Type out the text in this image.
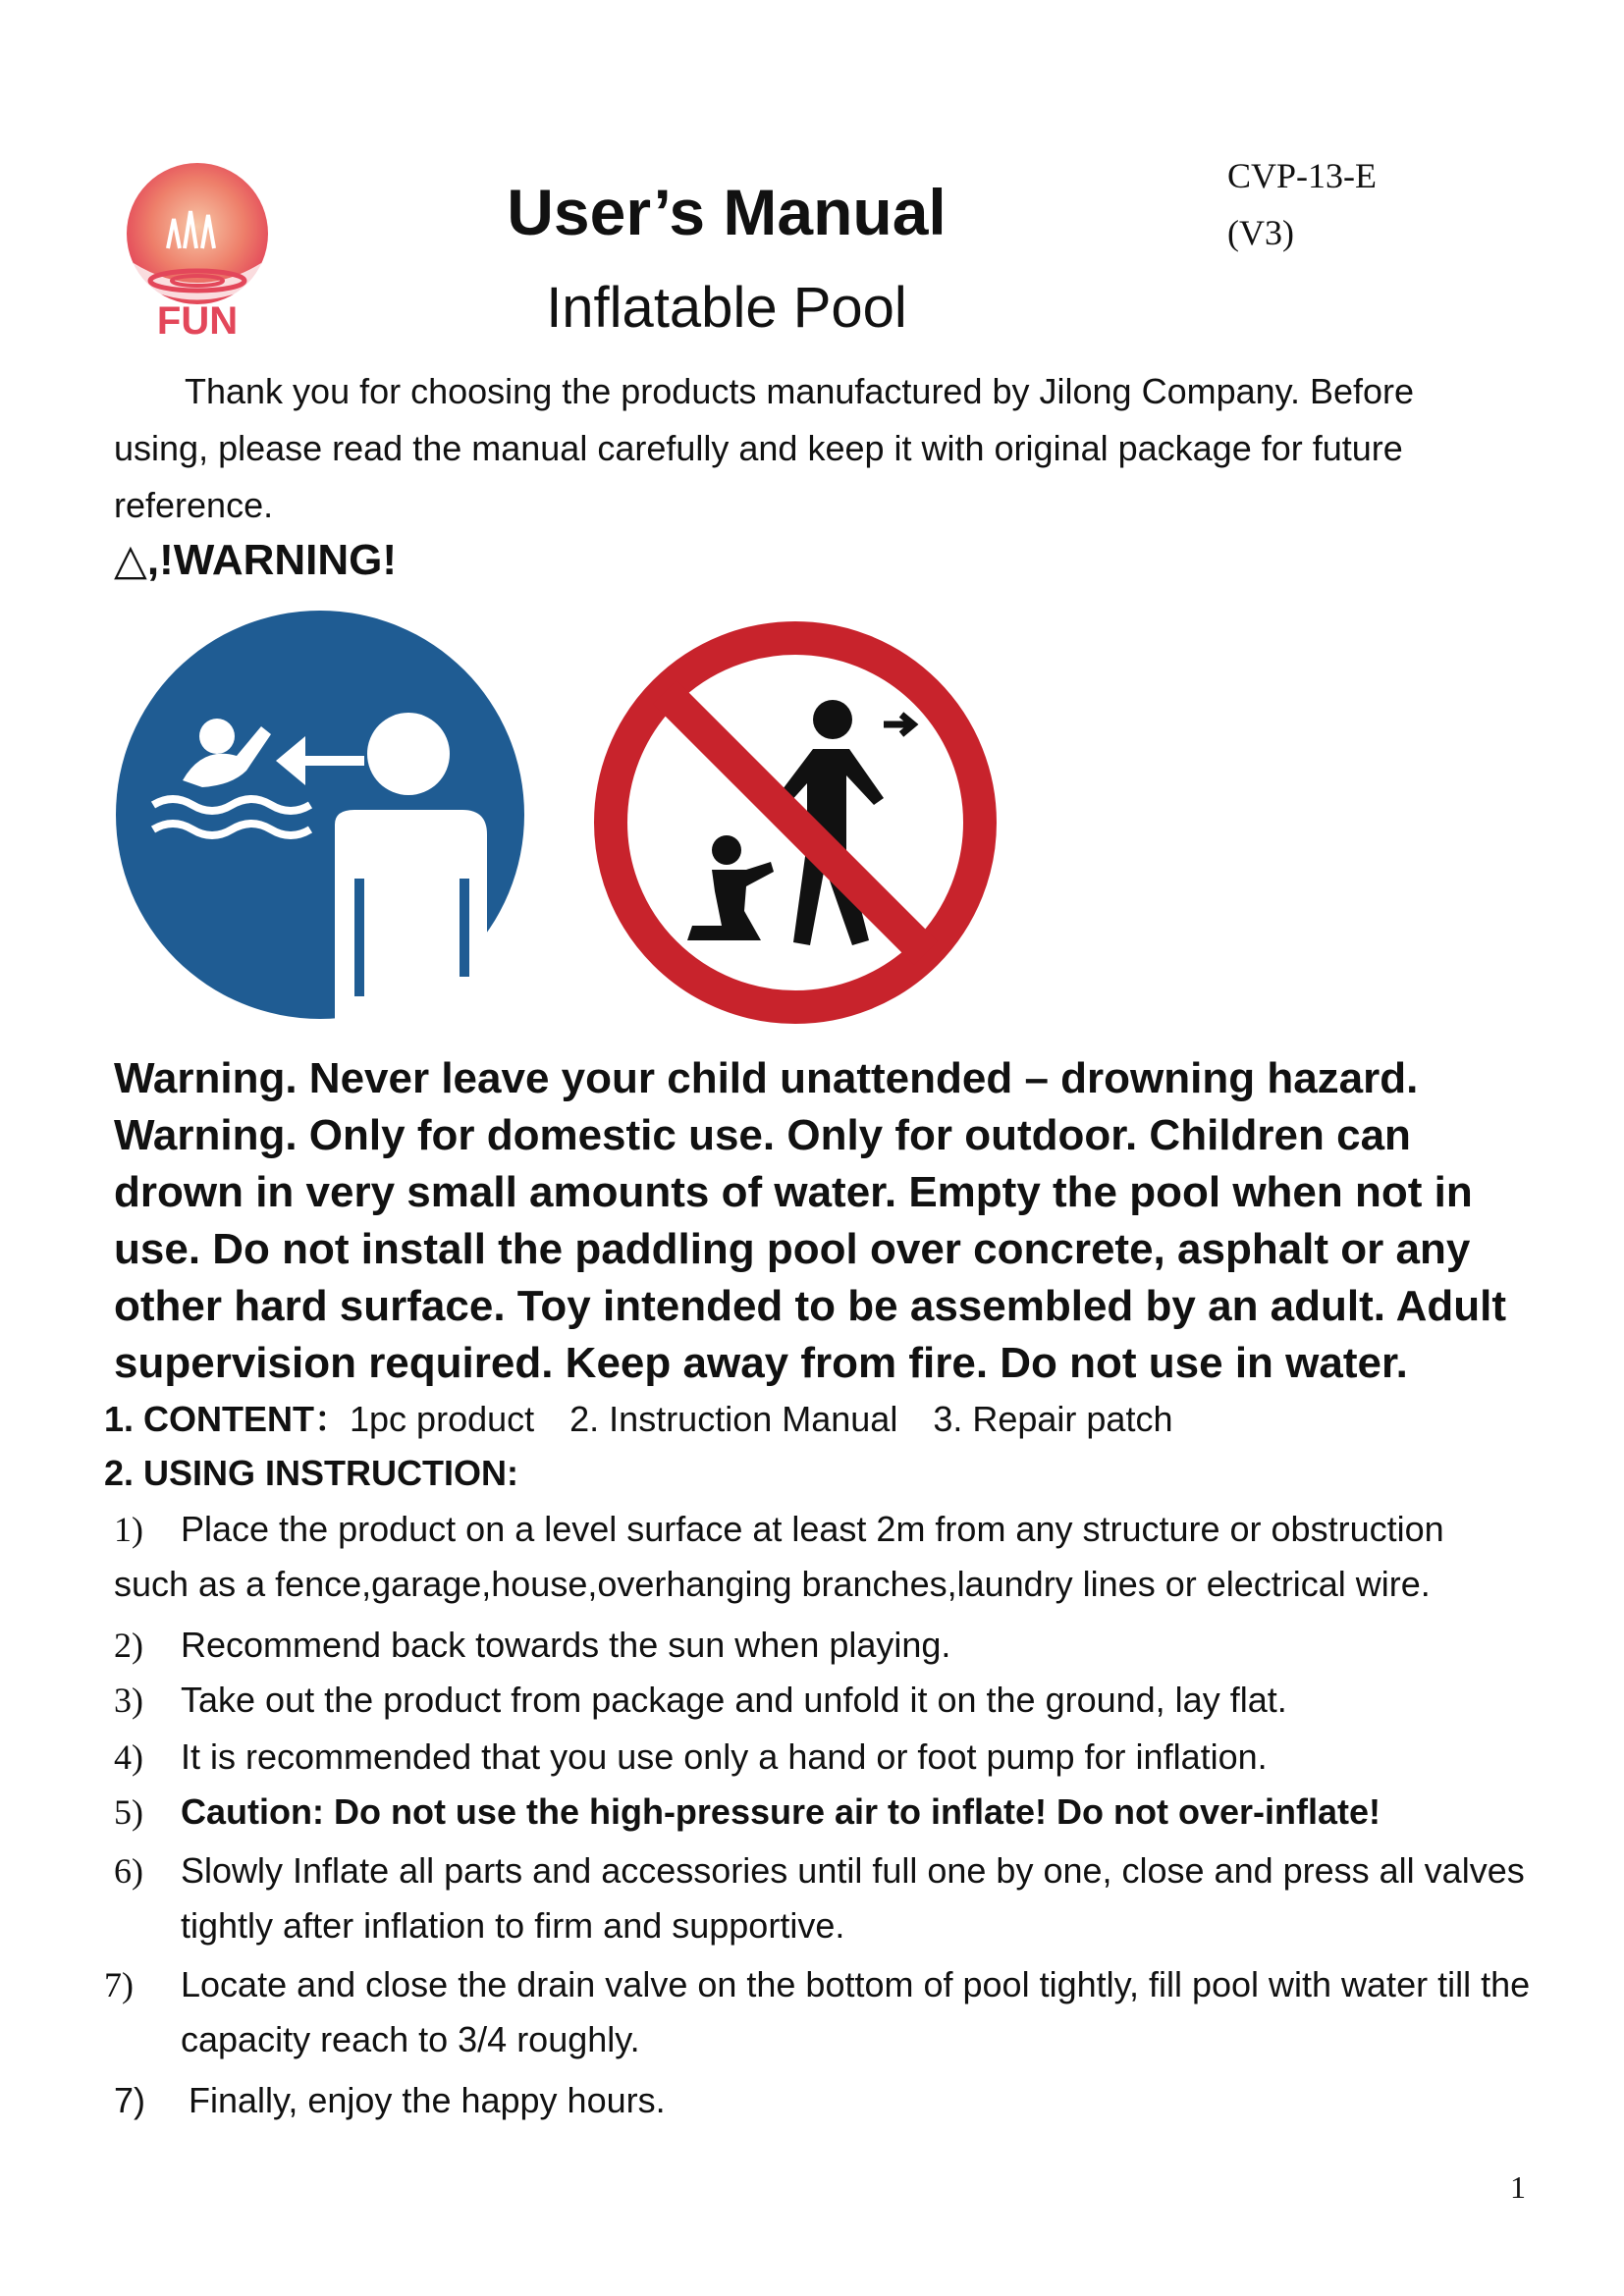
FUN
User’s Manual
Inflatable Pool
CVP-13-E
(V3)

Thank you for choosing the products manufactured by Jilong Company. Before using, please read the manual carefully and keep it with original package for future reference.

△,!WARNING!
Warning. Never leave your child unattended – drowning hazard. Warning. Only for domestic use. Only for outdoor. Children can drown in very small amounts of water. Empty the pool when not in use. Do not install the paddling pool over concrete, asphalt or any other hard surface. Toy intended to be assembled by an adult. Adult supervision required. Keep away from fire. Do not use in water.
1. CONTENT：1pc product 2. Instruction Manual 3. Repair patch
2. USING INSTRUCTION:
1)	Place the product on a level surface at least 2m from any structure or obstruction such as a fence,garage,house,overhanging branches,laundry lines or electrical wire.
2)	Recommend back towards the sun when playing.
3)	Take out the product from package and unfold it on the ground, lay flat.
4)	It is recommended that you use only a hand or foot pump for inflation.
5)	Caution: Do not use the high-pressure air to inflate! Do not over-inflate!
6)	Slowly Inflate all parts and accessories until full one by one, close and press all valves tightly after inflation to firm and supportive.
7)	Locate and close the drain valve on the bottom of pool tightly, fill pool with water till the capacity reach to 3/4 roughly.
7)	Finally, enjoy the happy hours.
1
